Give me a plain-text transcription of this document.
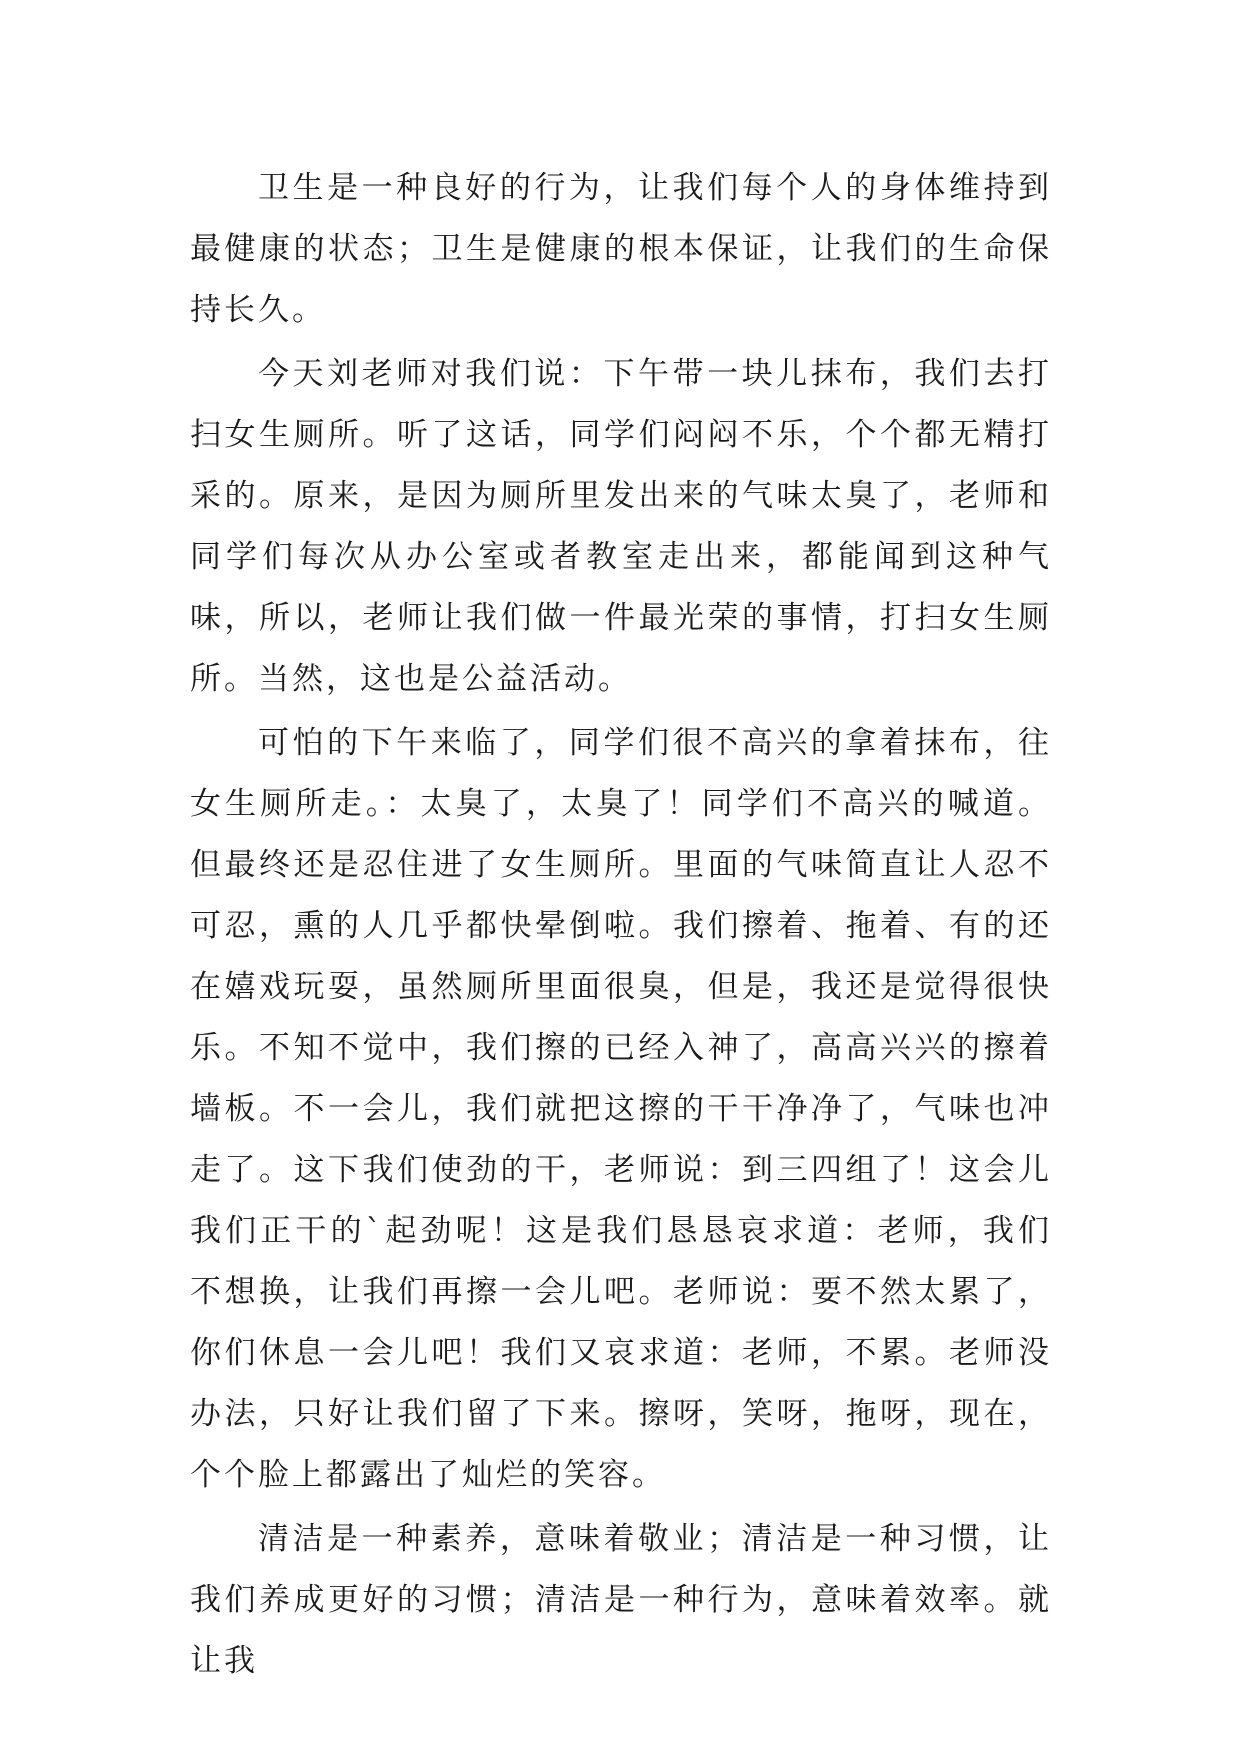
卫生是一种良好的行为，让我们每个人的身体维持到最健康的状态；卫生是健康的根本保证，让我们的生命保持长久。

今天刘老师对我们说：下午带一块儿抹布，我们去打扫女生厕所。听了这话，同学们闷闷不乐，个个都无精打采的。原来，是因为厕所里发出来的气味太臭了，老师和同学们每次从办公室或者教室走出来，都能闻到这种气味，所以，老师让我们做一件最光荣的事情，打扫女生厕所。当然，这也是公益活动。

可怕的下午来临了，同学们很不高兴的拿着抹布，往女生厕所走。：太臭了，太臭了！同学们不高兴的喊道。但最终还是忍住进了女生厕所。里面的气味简直让人忍不可忍，熏的人几乎都快晕倒啦。我们擦着、拖着、有的还在嬉戏玩耍，虽然厕所里面很臭，但是，我还是觉得很快乐。不知不觉中，我们擦的已经入神了，高高兴兴的擦着墙板。不一会儿，我们就把这擦的干干净净了，气味也冲走了。这下我们使劲的干，老师说：到三四组了！这会儿我们正干的`起劲呢！这是我们恳恳哀求道：老师，我们不想换，让我们再擦一会儿吧。老师说：要不然太累了，你们休息一会儿吧！我们又哀求道：老师，不累。老师没办法，只好让我们留了下来。擦呀，笑呀，拖呀，现在，个个脸上都露出了灿烂的笑容。

清洁是一种素养，意味着敬业；清洁是一种习惯，让我们养成更好的习惯；清洁是一种行为，意味着效率。就让我
